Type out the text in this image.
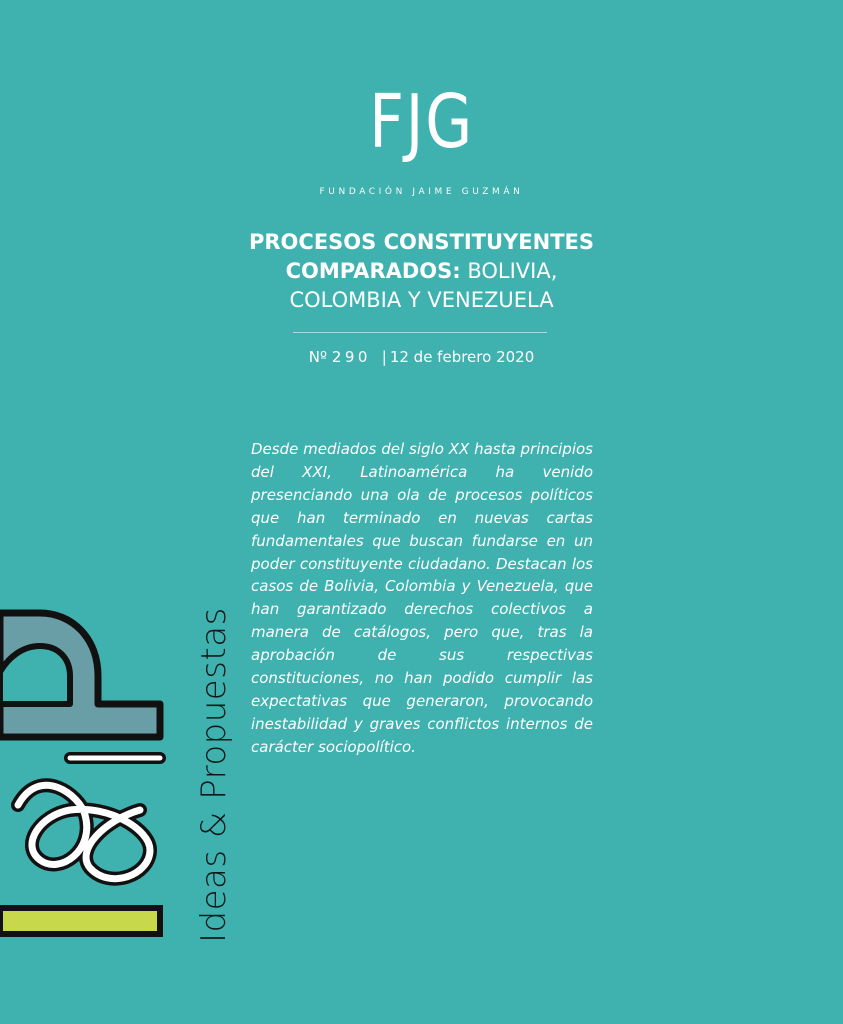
FJG
FUNDACIÓN JAIME GUZMÁN
PROCESOS CONSTITUYENTES
COMPARADOS: BOLIVIA,
COLOMBIA Y VENEZUELA
Nº 290 | 12 de febrero 2020
Desde mediados del siglo XX hasta principios del XXI, Latinoamérica ha venido presenciando una ola de procesos políticos que han terminado en nuevas cartas fundamentales que buscan fundarse en un poder constituyente ciudadano. Destacan los casos de Bolivia, Colombia y Venezuela, que han garantizado derechos colectivos a manera de catálogos, pero que, tras la aprobación de sus respectivas constituciones, no han podido cumplir las expectativas que generaron, provocando inestabilidad y graves conflictos internos de carácter sociopolítico.
Ideas & Propuestas
